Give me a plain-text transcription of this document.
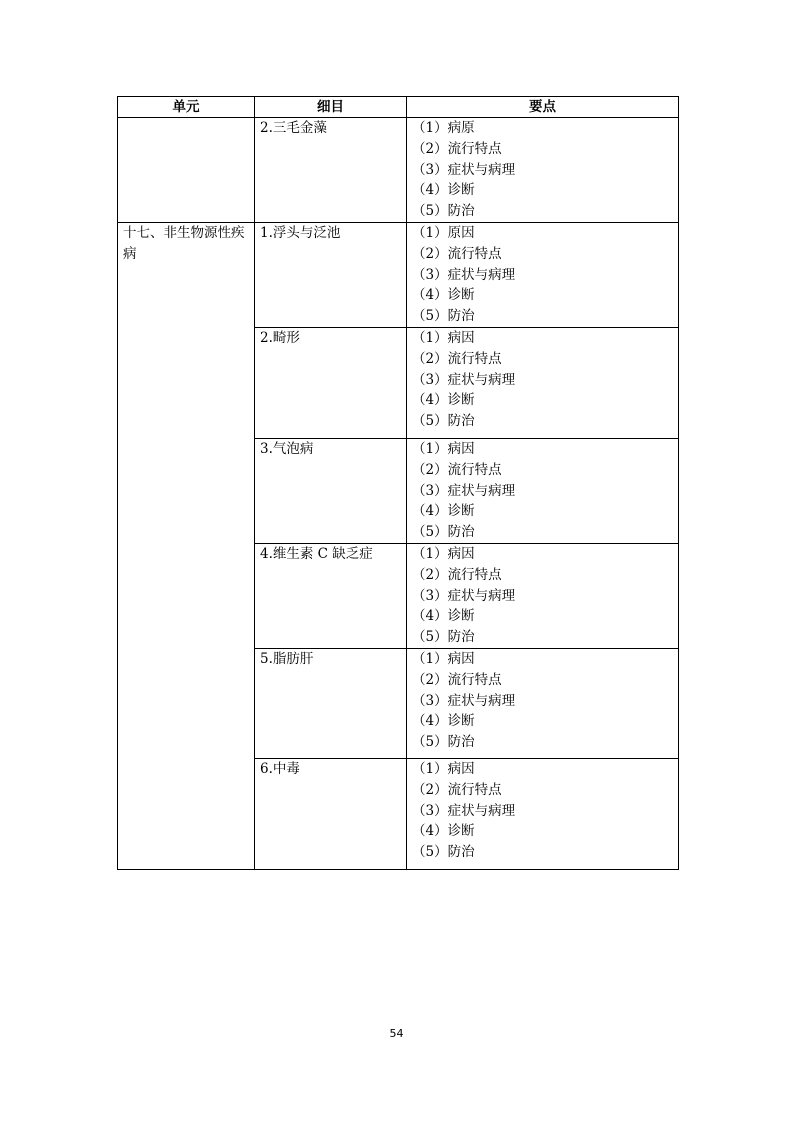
单元	细目	要点

	2.三毛金藻	（1）病原
（2）流行特点
（3）症状与病理
（4）诊断
（5）防治

十七、非生物源性疾病	1.浮头与泛池	（1）原因
（2）流行特点
（3）症状与病理
（4）诊断
（5）防治

	2.畸形	（1）病因
（2）流行特点
（3）症状与病理
（4）诊断
（5）防治

	3.气泡病	（1）病因
（2）流行特点
（3）症状与病理
（4）诊断
（5）防治

	4.维生素 C 缺乏症	（1）病因
（2）流行特点
（3）症状与病理
（4）诊断
（5）防治

	5.脂肪肝	（1）病因
（2）流行特点
（3）症状与病理
（4）诊断
（5）防治

	6.中毒	（1）病因
（2）流行特点
（3）症状与病理
（4）诊断
（5）防治
54
